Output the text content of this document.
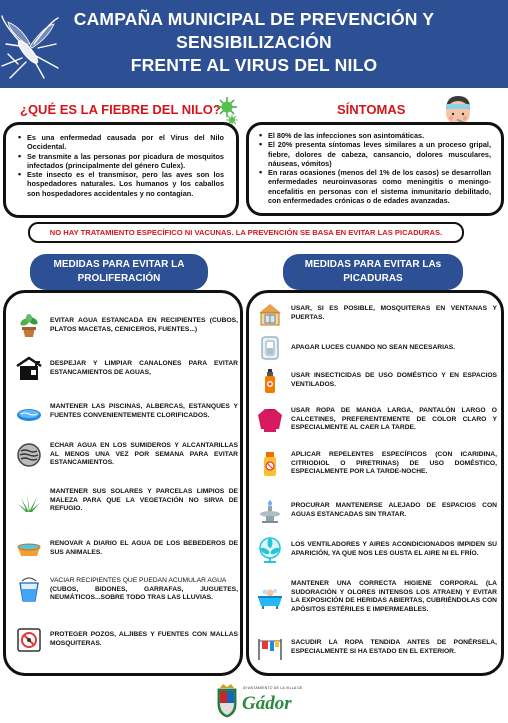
CAMPAÑA MUNICIPAL DE PREVENCIÓN Y
SENSIBILIZACIÓN
FRENTE AL VIRUS DEL NILO
¿QUÉ ES LA FIEBRE DEL NILO?	SÍNTOMAS
• Es una enfermedad causada por el Virus del Nilo Occidental.
• Se transmite a las personas por picadura de mosquitos infectados (principalmente del género Culex).
• Este insecto es el transmisor, pero las aves son los hospedadores naturales. Los humanos y los caballos son hospedadores accidentales y no contagian.
• El 80% de las infecciones son asintomáticas.
• El 20% presenta síntomas leves similares a un proceso gripal, fiebre, dolores de cabeza, cansancio, dolores musculares, náuseas, vómitos)
• En raras ocasiones (menos del 1% de los casos) se desarrollan enfermedades neuroinvasoras como meningitis o meningo-encefalitis en personas con el sistema inmunitario debilitado, con enfermedades crónicas o de edades avanzadas.
NO HAY TRATAMIENTO ESPECÍFICO NI VACUNAS. LA PREVENCIÓN SE BASA EN EVITAR LAS PICADURAS.
MEDIDAS PARA EVITAR LA
PROLIFERACIÓN
MEDIDAS PARA EVITAR LAs
PICADURAS
EVITAR AGUA ESTANCADA EN RECIPIENTES (CUBOS, PLATOS MACETAS, CENICEROS, FUENTES...)
DESPEJAR Y LIMPIAR CANALONES PARA EVITAR ESTANCAMIENTOS DE AGUAS,
MANTENER LAS PISCINAS, ALBERCAS, ESTANQUES Y FUENTES CONVENIENTEMENTE CLORIFICADOS.
ECHAR AGUA EN LOS SUMIDEROS Y ALCANTARILLAS AL MENOS UNA VEZ POR SEMANA PARA EVITAR ESTANCAMIENTOS.
MANTENER SUS SOLARES Y PARCELAS LIMPIOS DE MALEZA PARA QUE LA VEGETACIÓN NO SIRVA DE REFUGIO.
RENOVAR A DIARIO EL AGUA DE LOS BEBEDEROS DE SUS ANIMALES.
VACIAR RECIPIENTES QUE PUEDAN ACUMULAR AGUA
(CUBOS, BIDONES, GARRAFAS, JUGUETES, NEUMÁTICOS...SOBRE TODO TRAS LAS LLUVIAS.
PROTEGER POZOS, ALJIBES Y FUENTES CON MALLAS MOSQUITERAS.
USAR, SI ES POSIBLE, MOSQUITERAS EN VENTANAS Y PUERTAS.
APAGAR LUCES CUANDO NO SEAN NECESARIAS.
USAR INSECTICIDAS DE USO DOMÉSTICO Y EN ESPACIOS VENTILADOS.
USAR ROPA DE MANGA LARGA, PANTALÓN LARGO O CALCETINES, PREFERENTEMENTE DE COLOR CLARO Y ESPECIALMENTE AL CAER LA TARDE.
APLICAR REPELENTES ESPECÍFICOS (CON ICARIDINA, CITRIODIOL O PIRETRINAS) DE USO DOMÉSTICO, ESPECIALMENTE POR LA TARDE-NOCHE.
PROCURAR MANTENERSE ALEJADO DE ESPACIOS CON AGUAS ESTANCADAS SIN TRATAR.
LOS VENTILADORES Y AIRES ACONDICIONADOS IMPIDEN SU APARICIÓN, YA QUE NOS LES GUSTA EL AIRE NI EL FRÍO.
MANTENER UNA CORRECTA HIGIENE CORPORAL (LA SUDORACIÓN Y OLORES INTENSOS LOS ATRAEN) Y EVITAR LA EXPOSICIÓN DE HERIDAS ABIERTAS, CUBRIÉNDOLAS CON APÓSITOS ESTÉRILES E IMPERMEABLES.
SACUDIR LA ROPA TENDIDA ANTES DE PONÉRSELA, ESPECIALMENTE SI HA ESTADO EN EL EXTERIOR.
AYUNTAMIENTO DE LA VILLA DE
Gádor
